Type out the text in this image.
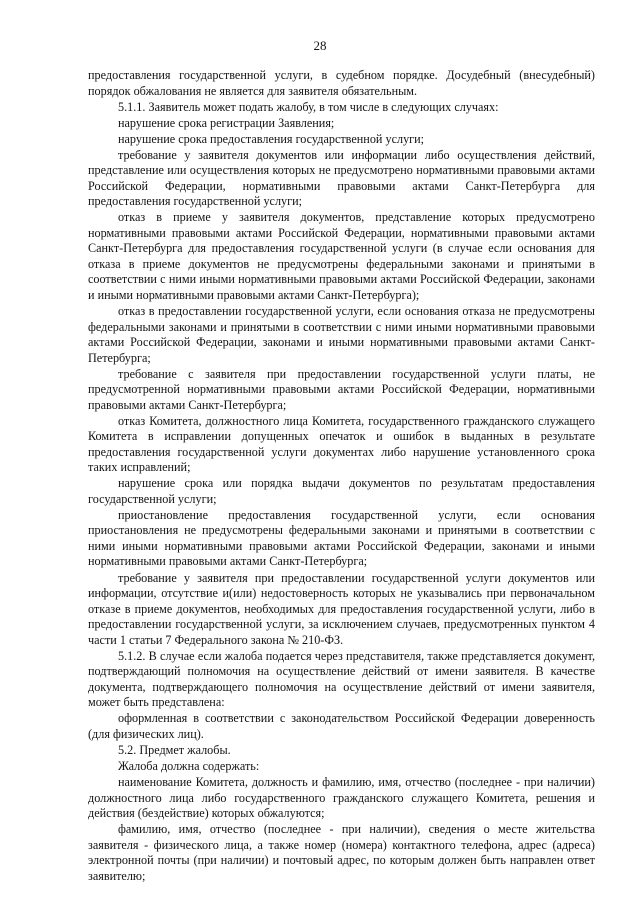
28

предоставления государственной услуги, в судебном порядке. Досудебный (внесудебный) порядок обжалования не является для заявителя обязательным.

5.1.1. Заявитель может подать жалобу, в том числе в следующих случаях:

нарушение срока регистрации Заявления;

нарушение срока предоставления государственной услуги;

требование у заявителя документов или информации либо осуществления действий, представление или осуществления которых не предусмотрено нормативными правовыми актами Российской Федерации, нормативными правовыми актами Санкт-Петербурга для предоставления государственной услуги;

отказ в приеме у заявителя документов, представление которых предусмотрено нормативными правовыми актами Российской Федерации, нормативными правовыми актами Санкт-Петербурга для предоставления государственной услуги (в случае если основания для отказа в приеме документов не предусмотрены федеральными законами и принятыми в соответствии с ними иными нормативными правовыми актами Российской Федерации, законами и иными нормативными правовыми актами Санкт-Петербурга);

отказ в предоставлении государственной услуги, если основания отказа не предусмотрены федеральными законами и принятыми в соответствии с ними иными нормативными правовыми актами Российской Федерации, законами и иными нормативными правовыми актами Санкт-Петербурга;

требование с заявителя при предоставлении государственной услуги платы, не предусмотренной нормативными правовыми актами Российской Федерации, нормативными правовыми актами Санкт-Петербурга;

отказ Комитета, должностного лица Комитета, государственного гражданского служащего Комитета в исправлении допущенных опечаток и ошибок в выданных в результате предоставления государственной услуги документах либо нарушение установленного срока таких исправлений;

нарушение срока или порядка выдачи документов по результатам предоставления государственной услуги;

приостановление предоставления государственной услуги, если основания приостановления не предусмотрены федеральными законами и принятыми в соответствии с ними иными нормативными правовыми актами Российской Федерации, законами и иными нормативными правовыми актами Санкт-Петербурга;

требование у заявителя при предоставлении государственной услуги документов или информации, отсутствие и(или) недостоверность которых не указывались при первоначальном отказе в приеме документов, необходимых для предоставления государственной услуги, либо в предоставлении государственной услуги, за исключением случаев, предусмотренных пунктом 4 части 1 статьи 7 Федерального закона № 210-ФЗ.

5.1.2. В случае если жалоба подается через представителя, также представляется документ, подтверждающий полномочия на осуществление действий от имени заявителя. В качестве документа, подтверждающего полномочия на осуществление действий от имени заявителя, может быть представлена:

оформленная в соответствии с законодательством Российской Федерации доверенность (для физических лиц).

5.2. Предмет жалобы.

Жалоба должна содержать:

наименование Комитета, должность и фамилию, имя, отчество (последнее - при наличии) должностного лица либо государственного гражданского служащего Комитета, решения и действия (бездействие) которых обжалуются;

фамилию, имя, отчество (последнее - при наличии), сведения о месте жительства заявителя - физического лица, а также номер (номера) контактного телефона, адрес (адреса) электронной почты (при наличии) и почтовый адрес, по которым должен быть направлен ответ заявителю;
